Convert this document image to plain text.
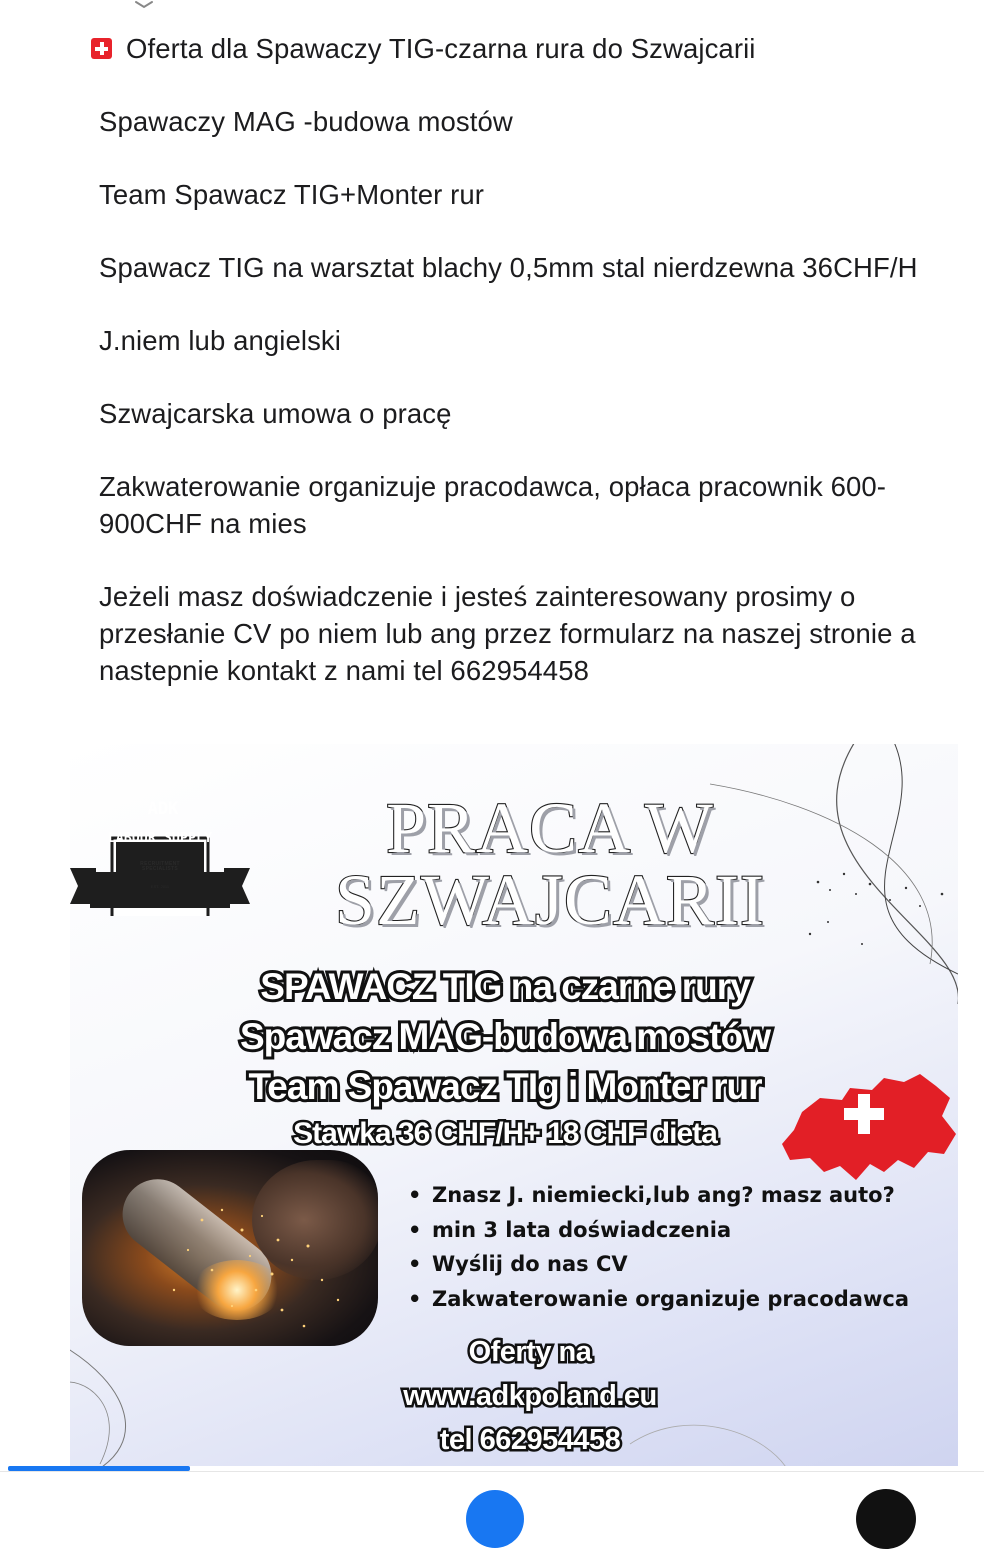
Oferta dla Spawaczy TIG-czarna rura do Szwajcarii
Spawaczy MAG -budowa mostów
Team Spawacz TIG+Monter rur
Spawacz TIG na warsztat blachy 0,5mm stal nierdzewna 36CHF/H
J.niem lub angielski
Szwajcarska umowa o pracę
Zakwaterowanie organizuje pracodawca, opłaca pracownik 600-900CHF na mies
Jeżeli masz doświadczenie i jesteś zainteresowany prosimy o przesłanie CV po niem lub ang przez formularz na naszej stronie a nastepnie kontakt z nami tel 662954458
ADK
LABOUR SUPPLY
RECRUITMENT SPECIALISTS
EST. 2011
PRACA W
SZWAJCARII
SPAWACZ TIG na czarne rury
Spawacz MAG-budowa mostów
Team Spawacz TIg i Monter rur
Stawka 36 CHF/H+ 18 CHF dieta
• Znasz J. niemiecki,lub ang? masz auto?
• min 3 lata doświadczenia
• Wyślij do nas CV
• Zakwaterowanie organizuje pracodawca
Oferty na
www.adkpoland.eu
tel 662954458
